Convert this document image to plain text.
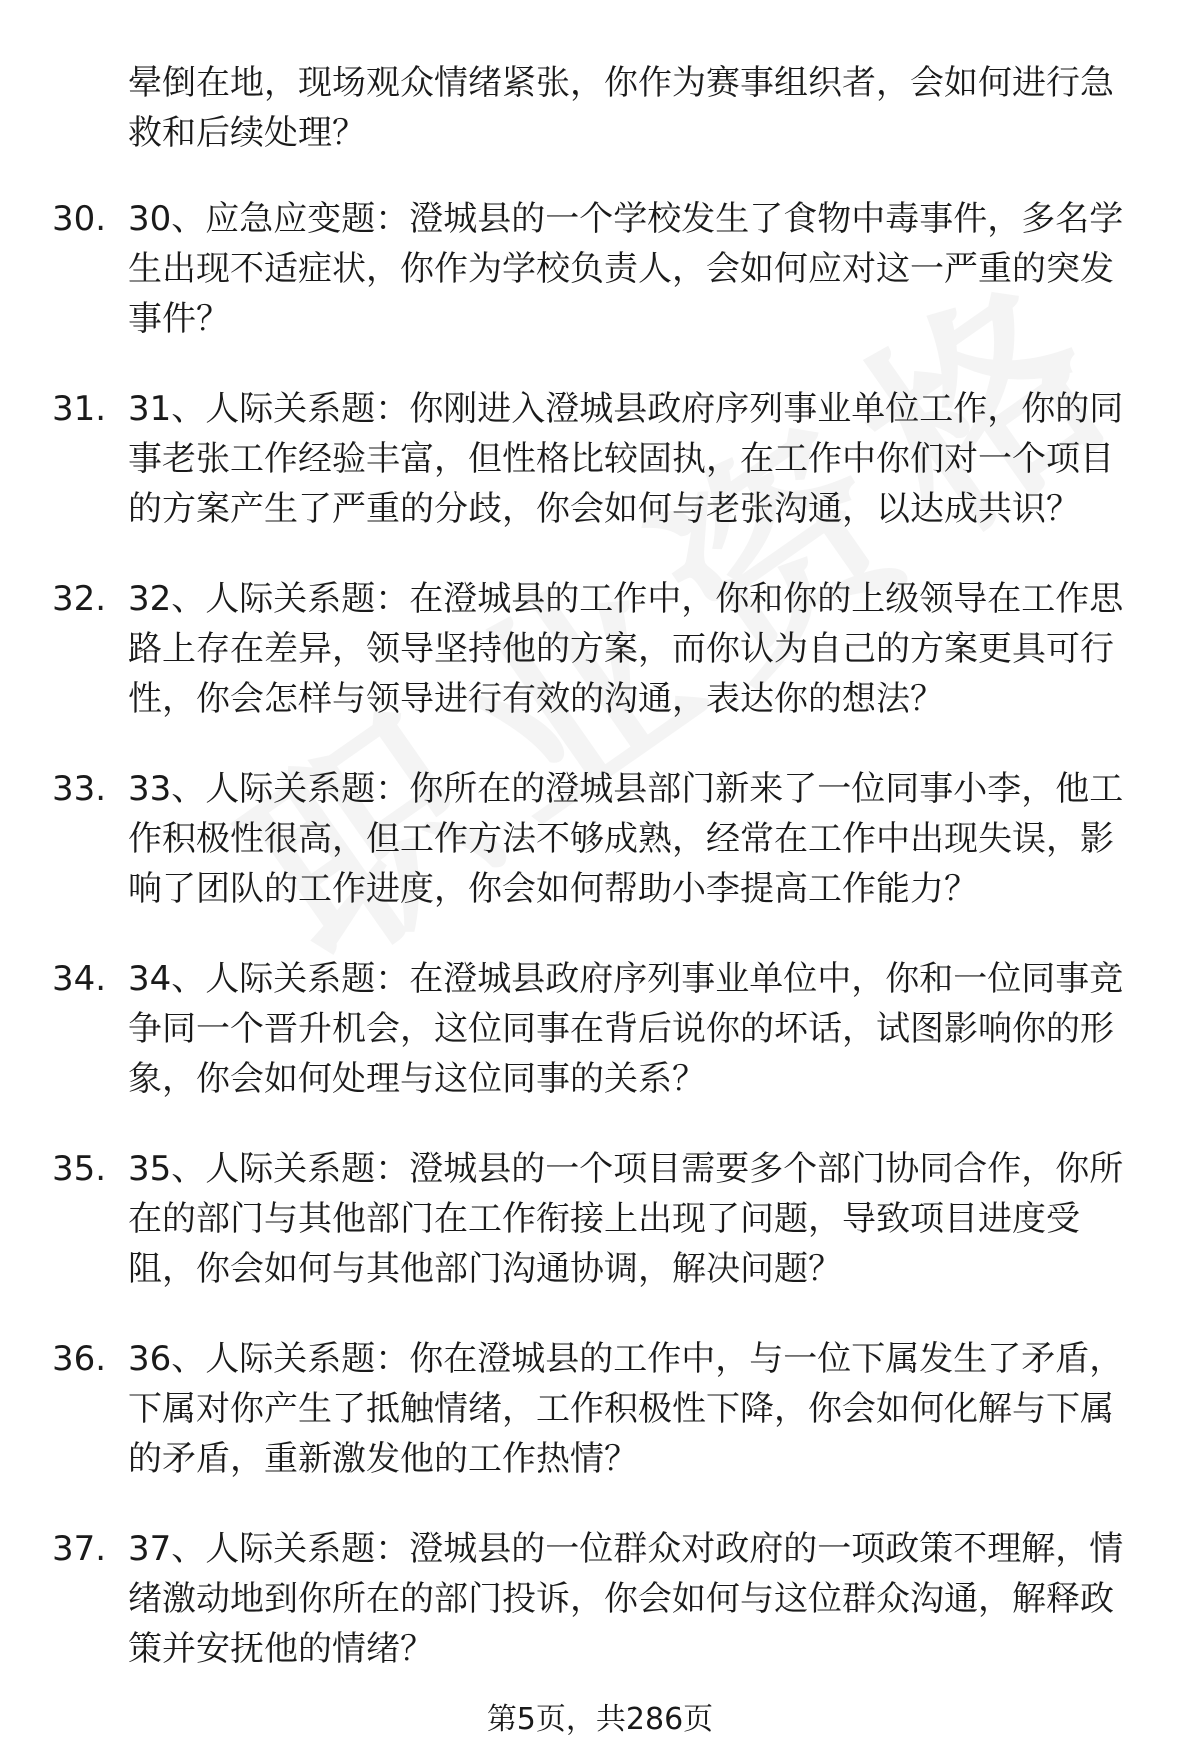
晕倒在地，现场观众情绪紧张，你作为赛事组织者，会如何进行急救和后续处理？
30. 30、应急应变题：澄城县的一个学校发生了食物中毒事件，多名学生出现不适症状，你作为学校负责人，会如何应对这一严重的突发事件？
31. 31、人际关系题：你刚进入澄城县政府序列事业单位工作，你的同事老张工作经验丰富，但性格比较固执，在工作中你们对一个项目的方案产生了严重的分歧，你会如何与老张沟通，以达成共识？
32. 32、人际关系题：在澄城县的工作中，你和你的上级领导在工作思路上存在差异，领导坚持他的方案，而你认为自己的方案更具可行性，你会怎样与领导进行有效的沟通，表达你的想法？
33. 33、人际关系题：你所在的澄城县部门新来了一位同事小李，他工作积极性很高，但工作方法不够成熟，经常在工作中出现失误，影响了团队的工作进度，你会如何帮助小李提高工作能力？
34. 34、人际关系题：在澄城县政府序列事业单位中，你和一位同事竞争同一个晋升机会，这位同事在背后说你的坏话，试图影响你的形象，你会如何处理与这位同事的关系？
35. 35、人际关系题：澄城县的一个项目需要多个部门协同合作，你所在的部门与其他部门在工作衔接上出现了问题，导致项目进度受阻，你会如何与其他部门沟通协调，解决问题？
36. 36、人际关系题：你在澄城县的工作中，与一位下属发生了矛盾，下属对你产生了抵触情绪，工作积极性下降，你会如何化解与下属的矛盾，重新激发他的工作热情？
37. 37、人际关系题：澄城县的一位群众对政府的一项政策不理解，情绪激动地到你所在的部门投诉，你会如何与这位群众沟通，解释政策并安抚他的情绪？
第5页，共286页
